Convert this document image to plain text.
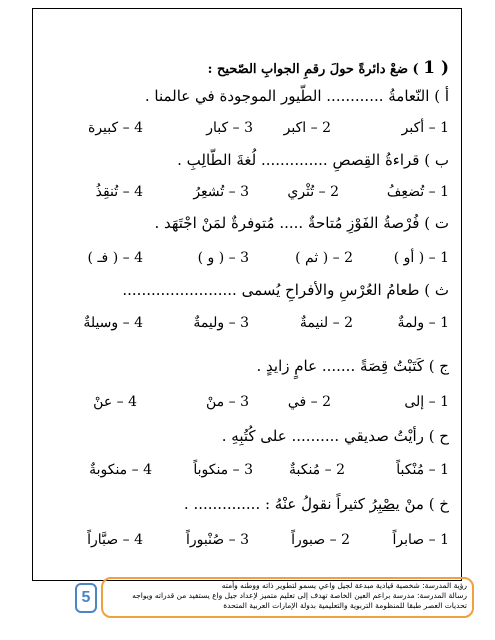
( 1 ) ضعْ دائرةً حولَ رقمِ الجوابِ الصّحيح :
أ ) النّعامةُ ............ الطّيور الموجودة في عالمنا .
1 – أكبر
2 – اكبر
3 – كبار
4 – كبيرة
ب ) قراءةُ القِصصِ .............. لُغةَ الطّالِبِ .
1 – تُضعِفُ
2 – تُثْري
3 – تُشعِرُ
4 – تُنقِذُ
ت ) فُرْصةُ الفَوْزِ مُتاحةٌ ..... مُتوفرةٌ لمَنْ اجْتَهَد .
1 – ( أو )
2 – ( ثم )
3 – ( و )
4 – ( فـ )
ث ) طعامُ العُرْسِ والأفراحِ يُسمى ........................
1 – ولمةٌ
2 – لنيمةٌ
3 – وليمةٌ
4 – وسيلةٌ
ج ) كَتَبْتُ قِصَةً ....... عامٍ زايدٍ .
1 – إلى
2 – في
3 – منْ
4 – عنْ
ح ) رأيْتُ صديقي .......... على كُتُبِهِ .
1 – مُنْكباً
2 – مُنكبةٌ
3 – منكوباً
4 – منكوبةٌ
خ ) منْ يصْبِرُ كثيراً نقولُ عنْهُ : .............. .
1 – صابراً
2 – صبوراً
3 – صُنْبوراً
4 – صبَّاراً
5
رؤية المدرسة: شخصية قيادية مبدعة لجيل واعي يسمو لتطوير ذاته ووطنه وأمته
رسالة المدرسة: مدرسة براعم العين الخاصة تهدف إلى تعليم متميز لإعداد جيل واع يستفيد من قدراته ويواجه تحديات العصر طبقا للمنظومة التربوية والتعليمية بدولة الإمارات العربية المتحدة
